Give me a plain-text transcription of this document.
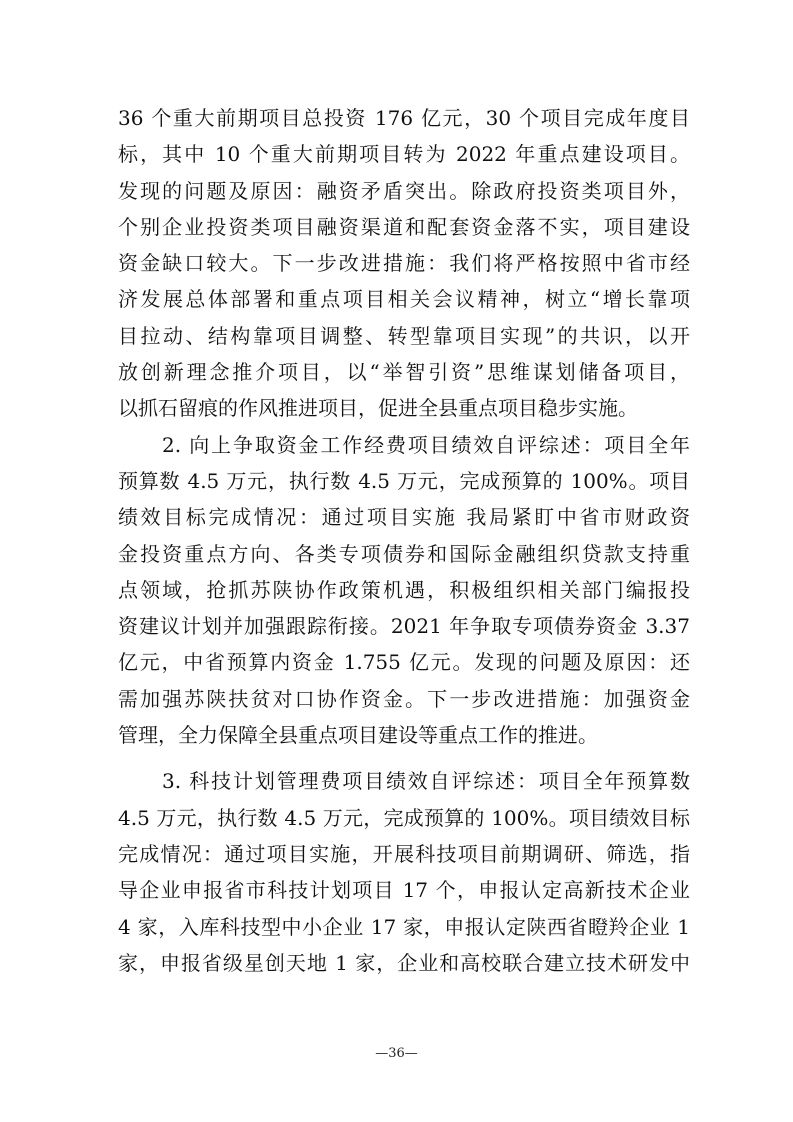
36 个重大前期项目总投资 176 亿元，30 个项目完成年度目
标，其中 10 个重大前期项目转为 2022 年重点建设项目。
发现的问题及原因：融资矛盾突出。除政府投资类项目外，
个别企业投资类项目融资渠道和配套资金落不实，项目建设
资金缺口较大。下一步改进措施：我们将严格按照中省市经
济发展总体部署和重点项目相关会议精神，树立“增长靠项
目拉动、结构靠项目调整、转型靠项目实现”的共识，以开
放创新理念推介项目，以“举智引资”思维谋划储备项目，
以抓石留痕的作风推进项目，促进全县重点项目稳步实施。
2. 向上争取资金工作经费项目绩效自评综述：项目全年
预算数 4.5 万元，执行数 4.5 万元，完成预算的 100%。项目
绩效目标完成情况：通过项目实施 我局紧盯中省市财政资
金投资重点方向、各类专项债券和国际金融组织贷款支持重
点领域，抢抓苏陕协作政策机遇，积极组织相关部门编报投
资建议计划并加强跟踪衔接。2021 年争取专项债券资金 3.37
亿元，中省预算内资金 1.755 亿元。发现的问题及原因：还
需加强苏陕扶贫对口协作资金。下一步改进措施：加强资金
管理，全力保障全县重点项目建设等重点工作的推进。
3. 科技计划管理费项目绩效自评综述：项目全年预算数
4.5 万元，执行数 4.5 万元，完成预算的 100%。项目绩效目标
完成情况：通过项目实施，开展科技项目前期调研、筛选，指
导企业申报省市科技计划项目 17 个，申报认定高新技术企业
4 家，入库科技型中小企业 17 家，申报认定陕西省瞪羚企业 1
家，申报省级星创天地 1 家，企业和高校联合建立技术研发中
—36—
